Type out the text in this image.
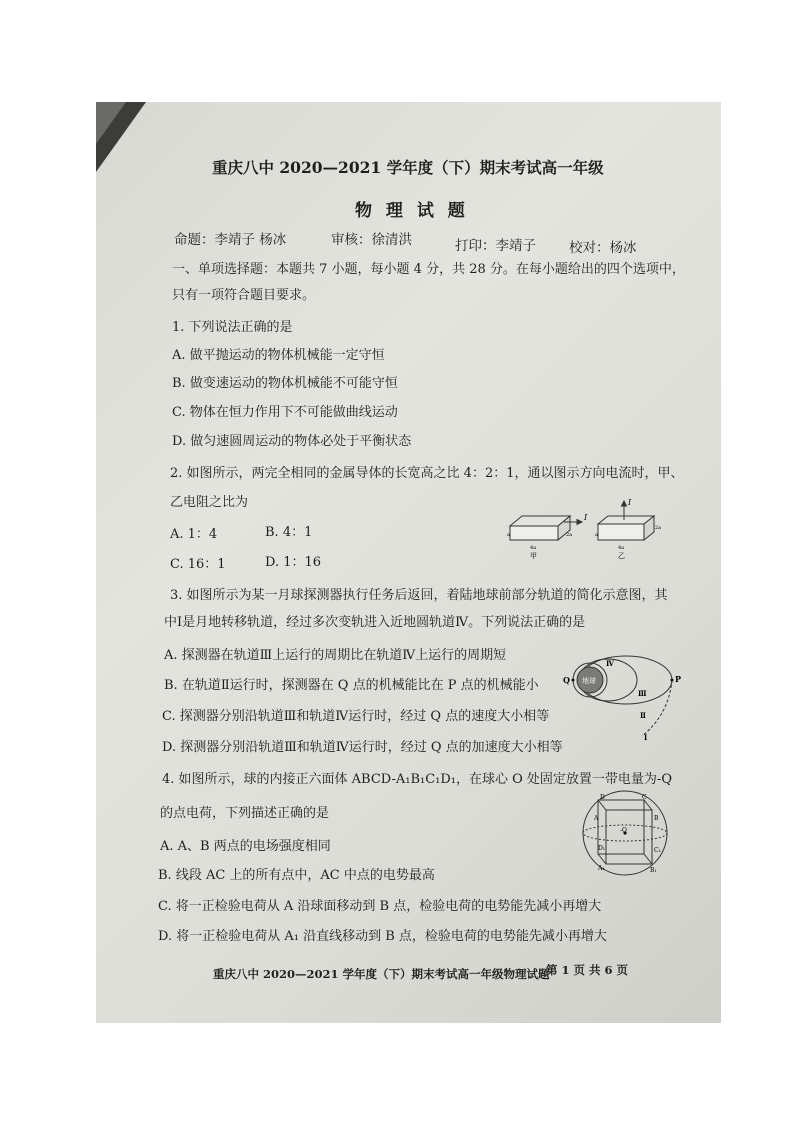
重庆八中 2020—2021 学年度（下）期末考试高一年级
物 理 试 题
命题：李靖子 杨冰	审核：徐清洪	打印：李靖子 校对：杨冰
一、单项选择题：本题共 7 小题，每小题 4 分，共 28 分。在每小题给出的四个选项中，
只有一项符合题目要求。
1. 下列说法正确的是
A. 做平抛运动的物体机械能一定守恒
B. 做变速运动的物体机械能不可能守恒
C. 物体在恒力作用下不可能做曲线运动
D. 做匀速圆周运动的物体必处于平衡状态
2. 如图所示，两完全相同的金属导体的长宽高之比 4：2：1，通以图示方向电流时，甲、
乙电阻之比为
A. 1：4	B. 4：1
C. 16：1	D. 1：16
I
I
4a
2a
a
4a
2a
a
甲	乙
3. 如图所示为某一月球探测器执行任务后返回，着陆地球前部分轨道的简化示意图，其
中Ⅰ是月地转移轨道，经过多次变轨进入近地圆轨道Ⅳ。下列说法正确的是
A. 探测器在轨道Ⅲ上运行的周期比在轨道Ⅳ上运行的周期短
B. 在轨道Ⅱ运行时，探测器在 Q 点的机械能比在 P 点的机械能小
C. 探测器分别沿轨道Ⅲ和轨道Ⅳ运行时，经过 Q 点的速度大小相等
D. 探测器分别沿轨道Ⅲ和轨道Ⅳ运行时，经过 Q 点的加速度大小相等
地球
Q	P
Ⅳ
Ⅲ
Ⅱ
Ⅰ
4. 如图所示，球的内接正六面体 ABCD-A₁B₁C₁D₁，在球心 O 处固定放置一带电量为-Q
的点电荷，下列描述正确的是
A. A、B 两点的电场强度相同
B. 线段 AC 上的所有点中，AC 中点的电势最高
C. 将一正检验电荷从 A 沿球面移动到 B 点，检验电荷的电势能先减小再增大
D. 将一正检验电荷从 A₁ 沿直线移动到 B 点，检验电荷的电势能先减小再增大
-Q
D	C
A	B
D₁	C₁
A₁	B₁
重庆八中 2020—2021 学年度（下）期末考试高一年级物理试题
第 1 页 共 6 页
